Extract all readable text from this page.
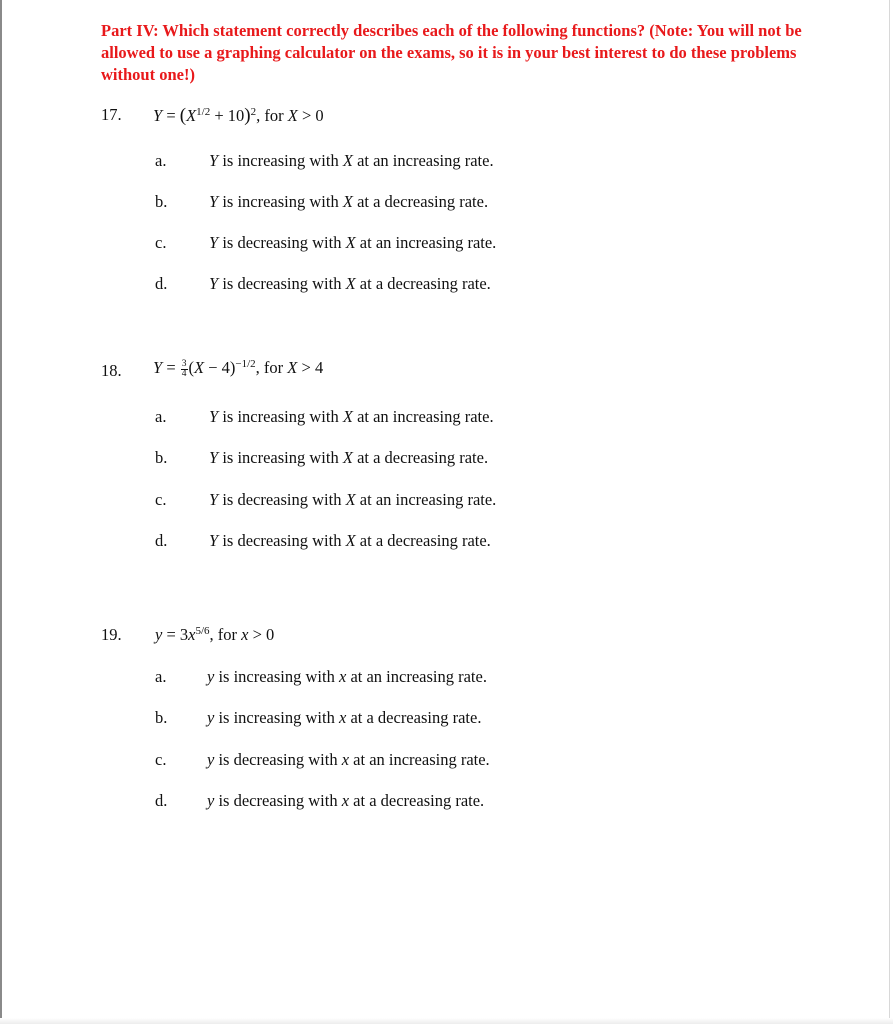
Part IV: Which statement correctly describes each of the following functions? (Note: You will not be allowed to use a graphing calculator on the exams, so it is in your best interest to do these problems without one!)
17. $Y = (X^{1/2} + 10)^2$, for X > 0
a.	Y is increasing with X at an increasing rate.
b.	Y is increasing with X at a decreasing rate.
c.	Y is decreasing with X at an increasing rate.
d.	Y is decreasing with X at a decreasing rate.
18. $Y = \frac{3}{4} (X - 4)^{-1/2}$, for X > 4
a.	Y is increasing with X at an increasing rate.
b.	Y is increasing with X at a decreasing rate.
c.	Y is decreasing with X at an increasing rate.
d.	Y is decreasing with X at a decreasing rate.
19. $y = 3x^{5/6}$, for x > 0
a. y is increasing with x at an increasing rate.
b. y is increasing with x at a decreasing rate.
c. y is decreasing with x at an increasing rate.
d. y is decreasing with x at a decreasing rate.
